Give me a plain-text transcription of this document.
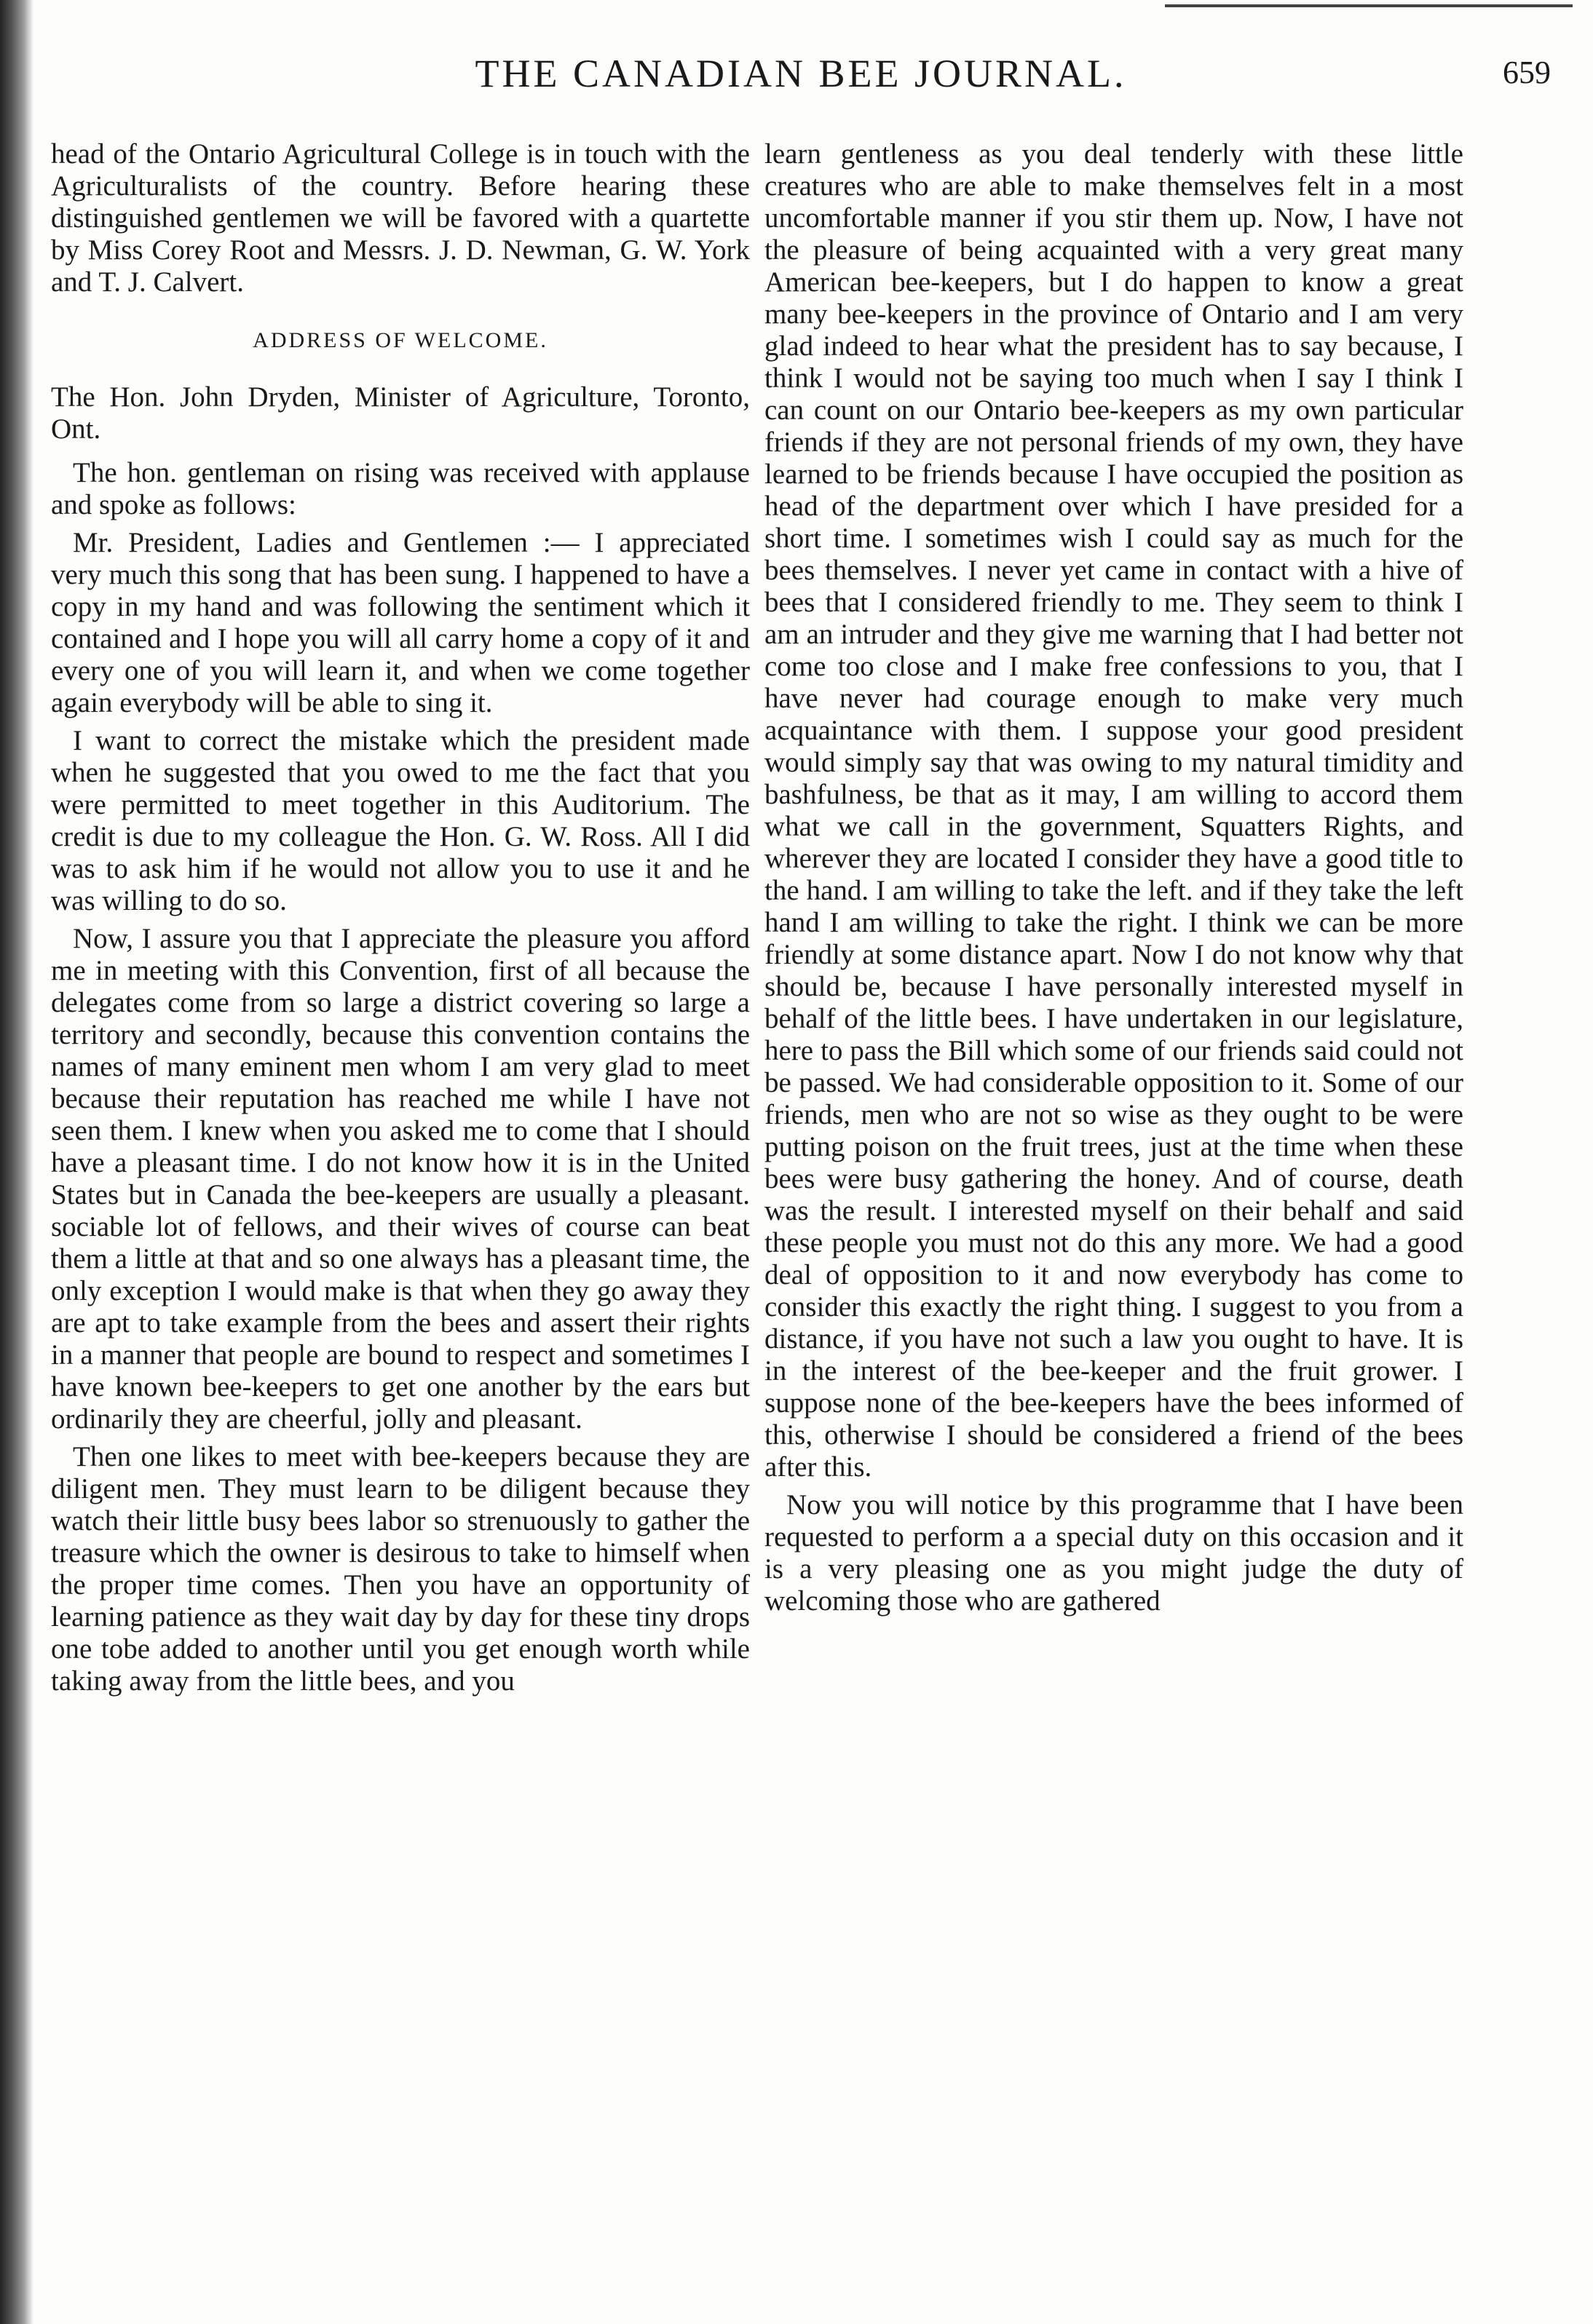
THE CANADIAN BEE JOURNAL.	659

head of the Ontario Agricultural College is in touch with the Agriculturalists of the country. Before hearing these distinguished gentlemen we will be favored with a quartette by Miss Corey Root and Messrs. J. D. Newman, G. W. York and T. J. Calvert.

ADDRESS OF WELCOME.

The Hon. John Dryden, Minister of Agriculture, Toronto, Ont.

The hon. gentleman on rising was received with applause and spoke as follows:

Mr. President, Ladies and Gentlemen :— I appreciated very much this song that has been sung. I happened to have a copy in my hand and was following the sentiment which it contained and I hope you will all carry home a copy of it and every one of you will learn it, and when we come together again everybody will be able to sing it.

I want to correct the mistake which the president made when he suggested that you owed to me the fact that you were permitted to meet together in this Auditorium. The credit is due to my colleague the Hon. G. W. Ross. All I did was to ask him if he would not allow you to use it and he was willing to do so.

Now, I assure you that I appreciate the pleasure you afford me in meeting with this Convention, first of all because the delegates come from so large a district covering so large a territory and secondly, because this convention contains the names of many eminent men whom I am very glad to meet because their reputation has reached me while I have not seen them. I knew when you asked me to come that I should have a pleasant time. I do not know how it is in the United States but in Canada the bee-keepers are usually a pleasant. sociable lot of fellows, and their wives of course can beat them a little at that and so one always has a pleasant time, the only exception I would make is that when they go away they are apt to take example from the bees and assert their rights in a manner that people are bound to respect and sometimes I have known bee-keepers to get one another by the ears but ordinarily they are cheerful, jolly and pleasant.

Then one likes to meet with bee-keepers because they are diligent men. They must learn to be diligent because they watch their little busy bees labor so strenuously to gather the treasure which the owner is desirous to take to himself when the proper time comes. Then you have an opportunity of learning patience as they wait day by day for these tiny drops one tobe added to another until you get enough worth while taking away from the little bees, and you

learn gentleness as you deal tenderly with these little creatures who are able to make themselves felt in a most uncomfortable manner if you stir them up. Now, I have not the pleasure of being acquainted with a very great many American bee-keepers, but I do happen to know a great many bee-keepers in the province of Ontario and I am very glad indeed to hear what the president has to say because, I think I would not be saying too much when I say I think I can count on our Ontario bee-keepers as my own particular friends if they are not personal friends of my own, they have learned to be friends because I have occupied the position as head of the department over which I have presided for a short time. I sometimes wish I could say as much for the bees themselves. I never yet came in contact with a hive of bees that I considered friendly to me. They seem to think I am an intruder and they give me warning that I had better not come too close and I make free confessions to you, that I have never had courage enough to make very much acquaintance with them. I suppose your good president would simply say that was owing to my natural timidity and bashfulness, be that as it may, I am willing to accord them what we call in the government, Squatters Rights, and wherever they are located I consider they have a good title to the hand. I am willing to take the left. and if they take the left hand I am willing to take the right. I think we can be more friendly at some distance apart. Now I do not know why that should be, because I have personally interested myself in behalf of the little bees. I have undertaken in our legislature, here to pass the Bill which some of our friends said could not be passed. We had considerable opposition to it. Some of our friends, men who are not so wise as they ought to be were putting poison on the fruit trees, just at the time when these bees were busy gathering the honey. And of course, death was the result. I interested myself on their behalf and said these people you must not do this any more. We had a good deal of opposition to it and now everybody has come to consider this exactly the right thing. I suggest to you from a distance, if you have not such a law you ought to have. It is in the interest of the bee-keeper and the fruit grower. I suppose none of the bee-keepers have the bees informed of this, otherwise I should be considered a friend of the bees after this.

Now you will notice by this programme that I have been requested to perform a a special duty on this occasion and it is a very pleasing one as you might judge the duty of welcoming those who are gathered
